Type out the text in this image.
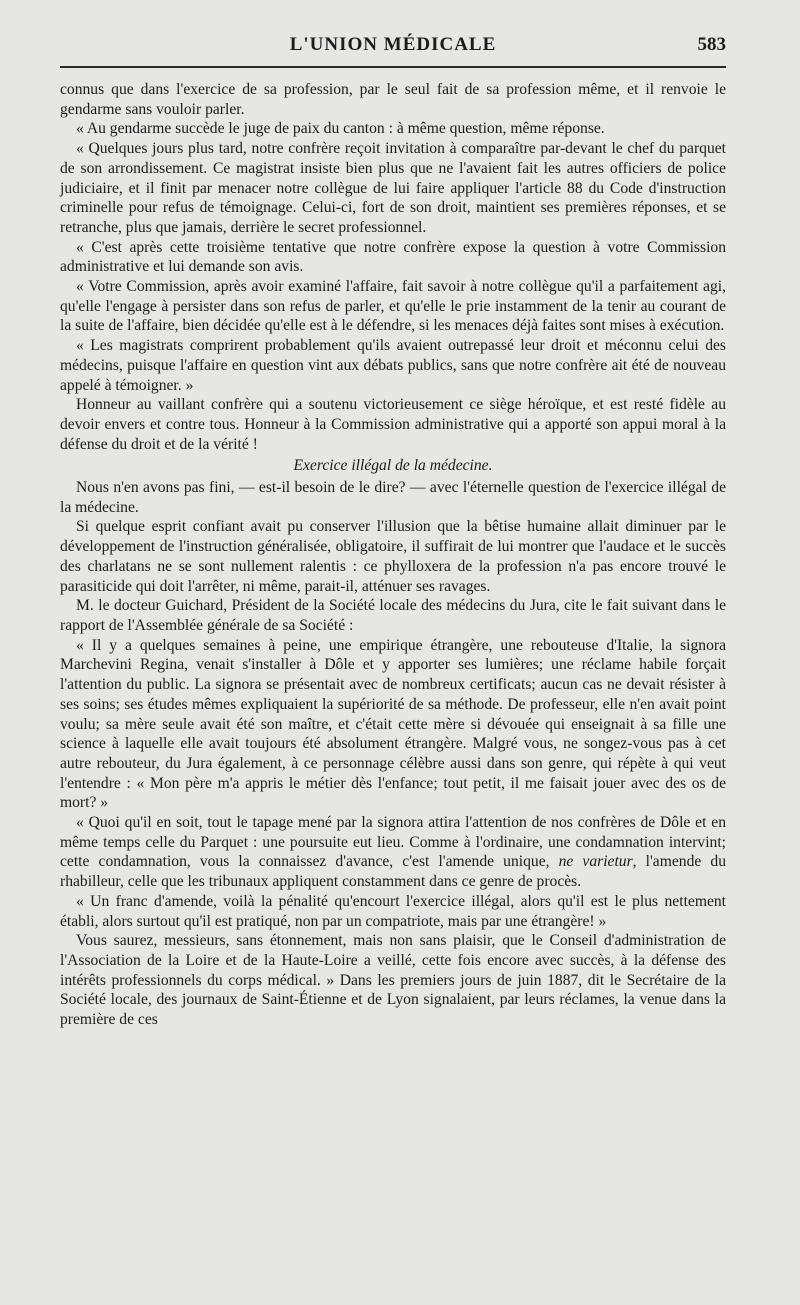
L'UNION MÉDICALE	583

connus que dans l'exercice de sa profession, par le seul fait de sa profession même, et il renvoie le gendarme sans vouloir parler.

« Au gendarme succède le juge de paix du canton : à même question, même réponse.

« Quelques jours plus tard, notre confrère reçoit invitation à comparaître par-devant le chef du parquet de son arrondissement. Ce magistrat insiste bien plus que ne l'avaient fait les autres officiers de police judiciaire, et il finit par menacer notre collègue de lui faire appliquer l'article 88 du Code d'instruction criminelle pour refus de témoignage. Celui-ci, fort de son droit, maintient ses premières réponses, et se retranche, plus que jamais, derrière le secret professionnel.

« C'est après cette troisième tentative que notre confrère expose la question à votre Commission administrative et lui demande son avis.

« Votre Commission, après avoir examiné l'affaire, fait savoir à notre collègue qu'il a parfaitement agi, qu'elle l'engage à persister dans son refus de parler, et qu'elle le prie instamment de la tenir au courant de la suite de l'affaire, bien décidée qu'elle est à le défendre, si les menaces déjà faites sont mises à exécution.

« Les magistrats comprirent probablement qu'ils avaient outrepassé leur droit et méconnu celui des médecins, puisque l'affaire en question vint aux débats publics, sans que notre confrère ait été de nouveau appelé à témoigner. »

Honneur au vaillant confrère qui a soutenu victorieusement ce siège héroïque, et est resté fidèle au devoir envers et contre tous. Honneur à la Commission administrative qui a apporté son appui moral à la défense du droit et de la vérité !

Exercice illégal de la médecine.

Nous n'en avons pas fini, — est-il besoin de le dire? — avec l'éternelle question de l'exercice illégal de la médecine.

Si quelque esprit confiant avait pu conserver l'illusion que la bêtise humaine allait diminuer par le développement de l'instruction généralisée, obligatoire, il suffirait de lui montrer que l'audace et le succès des charlatans ne se sont nullement ralentis : ce phylloxera de la profession n'a pas encore trouvé le parasiticide qui doit l'arrêter, ni même, parait-il, atténuer ses ravages.

M. le docteur Guichard, Président de la Société locale des médecins du Jura, cite le fait suivant dans le rapport de l'Assemblée générale de sa Société :

« Il y a quelques semaines à peine, une empirique étrangère, une rebouteuse d'Italie, la signora Marchevini Regina, venait s'installer à Dôle et y apporter ses lumières; une réclame habile forçait l'attention du public. La signora se présentait avec de nombreux certificats; aucun cas ne devait résister à ses soins; ses études mêmes expliquaient la supériorité de sa méthode. De professeur, elle n'en avait point voulu; sa mère seule avait été son maître, et c'était cette mère si dévouée qui enseignait à sa fille une science à laquelle elle avait toujours été absolument étrangère. Malgré vous, ne songez-vous pas à cet autre rebouteur, du Jura également, à ce personnage célèbre aussi dans son genre, qui répète à qui veut l'entendre : « Mon père m'a appris le métier dès l'enfance; tout petit, il me faisait jouer avec des os de mort? »

« Quoi qu'il en soit, tout le tapage mené par la signora attira l'attention de nos confrères de Dôle et en même temps celle du Parquet : une poursuite eut lieu. Comme à l'ordinaire, une condamnation intervint; cette condamnation, vous la connaissez d'avance, c'est l'amende unique, ne varietur, l'amende du rhabilleur, celle que les tribunaux appliquent constamment dans ce genre de procès.

« Un franc d'amende, voilà la pénalité qu'encourt l'exercice illégal, alors qu'il est le plus nettement établi, alors surtout qu'il est pratiqué, non par un compatriote, mais par une étrangère! »

Vous saurez, messieurs, sans étonnement, mais non sans plaisir, que le Conseil d'administration de l'Association de la Loire et de la Haute-Loire a veillé, cette fois encore avec succès, à la défense des intérêts professionnels du corps médical. » Dans les premiers jours de juin 1887, dit le Secrétaire de la Société locale, des journaux de Saint-Étienne et de Lyon signalaient, par leurs réclames, la venue dans la première de ces
